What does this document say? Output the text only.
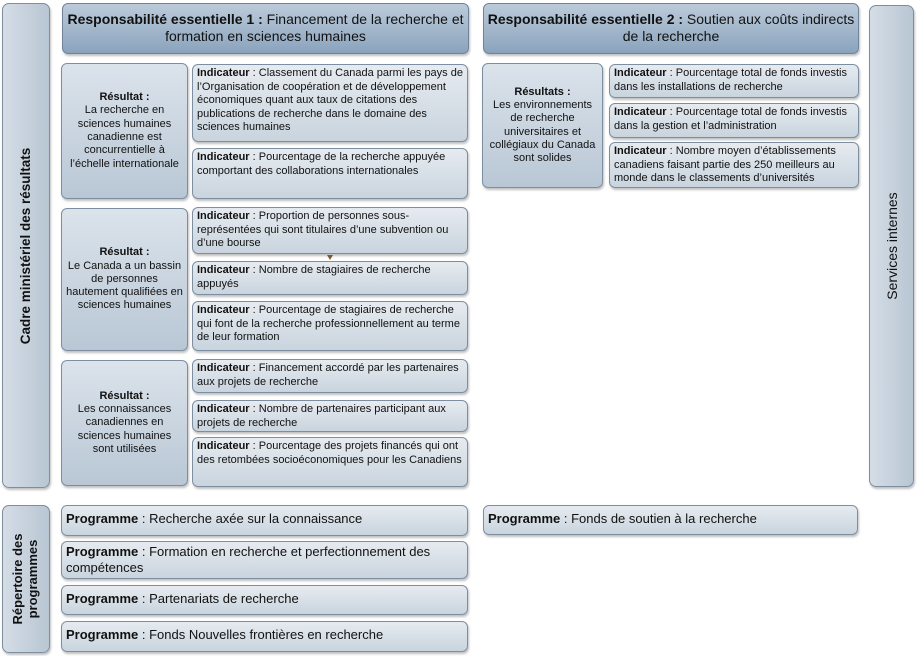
Cadre ministériel des résultats
Répertoire des programmes
Services internes
Responsabilité essentielle 1 : Financement de la recherche et formation en sciences humaines
Responsabilité essentielle 2 : Soutien aux coûts indirects de la recherche
Résultat :
La recherche en sciences humaines canadienne est concurrentielle à l’échelle internationale
Résultat :
Le Canada a un bassin de personnes hautement qualifiées en sciences humaines
Résultat :
Les connaissances canadiennes en sciences humaines sont utilisées
Résultats :
Les environnements de recherche universitaires et collégiaux du Canada sont solides
Indicateur : Classement du Canada parmi les pays de l’Organisation de coopération et de développement économiques quant aux taux de citations des publications de recherche dans le domaine des sciences humaines
Indicateur : Pourcentage de la recherche appuyée comportant des collaborations internationales
Indicateur : Proportion de personnes sous-représentées qui sont titulaires d’une subvention ou d’une bourse
Indicateur : Nombre de stagiaires de recherche appuyés
Indicateur : Pourcentage de stagiaires de recherche qui font de la recherche professionnellement au terme de leur formation
Indicateur : Financement accordé par les partenaires aux projets de recherche
Indicateur : Nombre de partenaires participant aux projets de recherche
Indicateur : Pourcentage des projets financés qui ont des retombées socioéconomiques pour les Canadiens
Indicateur : Pourcentage total de fonds investis dans les installations de recherche
Indicateur : Pourcentage total de fonds investis dans la gestion et l’administration
Indicateur : Nombre moyen d’établissements canadiens faisant partie des 250 meilleurs au monde dans le classements d’universités
Programme : Recherche axée sur la connaissance
Programme : Formation en recherche et perfectionnement des compétences
Programme : Partenariats de recherche
Programme : Fonds Nouvelles frontières en recherche
Programme : Fonds de soutien à la recherche
